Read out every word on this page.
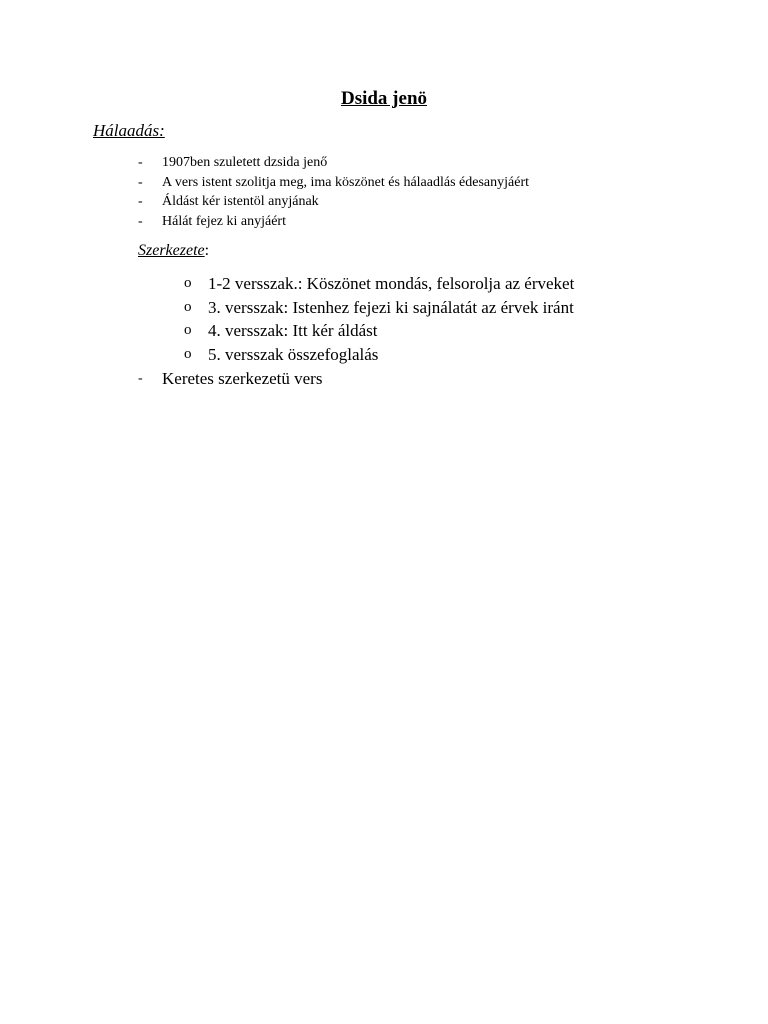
Dsida jenö
Hálaadás:
- 1907ben szuletett dzsida jenő
- A vers istent szolitja meg, ima köszönet és hálaadlás édesanyjáért
- Áldást kér istentöl anyjának
- Hálát fejez ki anyjáért
Szerkezete:
o 1-2 versszak.: Köszönet mondás, felsorolja az érveket
o 3. versszak: Istenhez fejezi ki sajnálatát az érvek iránt
o 4. versszak: Itt kér áldást
o 5. versszak összefoglalás
- Keretes szerkezetü vers
